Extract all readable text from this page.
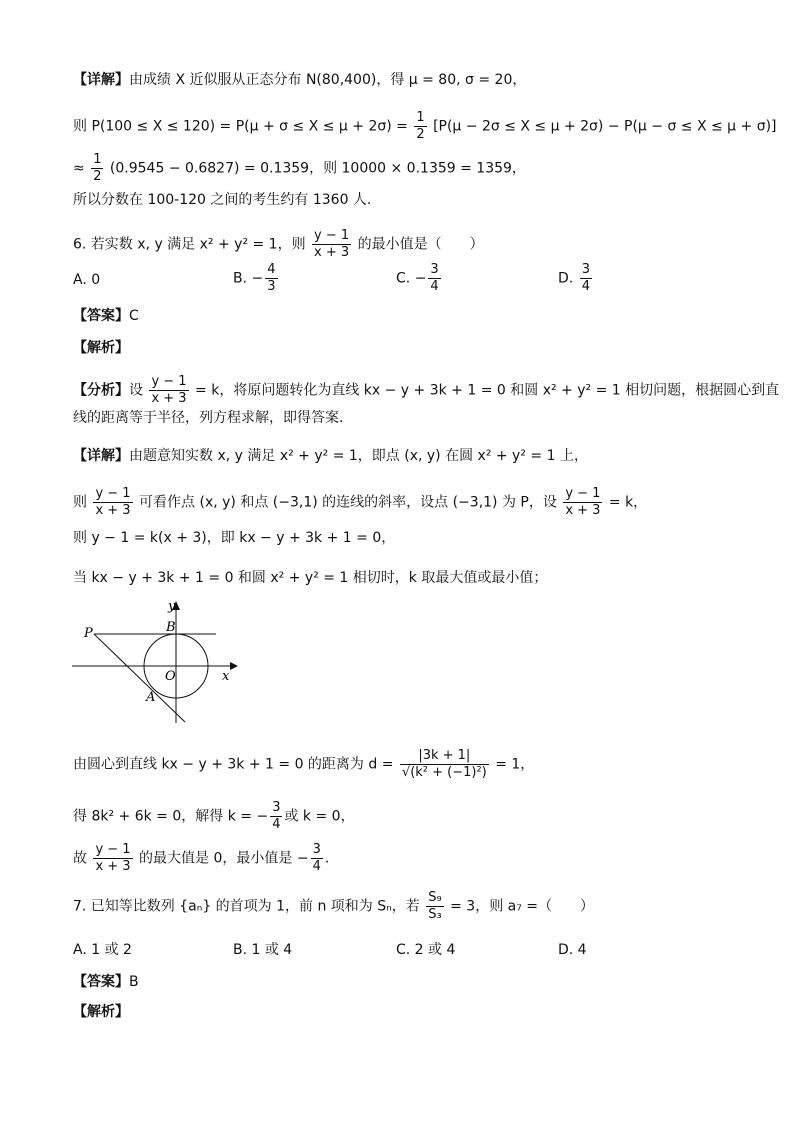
【详解】由成绩 X 近似服从正态分布 N(80,400)，得 μ = 80, σ = 20，
则 $P(100 \le X \le 120) = P(\mu + \sigma \le X \le \mu + 2\sigma) = \frac{1}{2} [P(\mu - 2\sigma \le X \le \mu + 2\sigma) - P(\mu - \sigma \le X \le \mu + \sigma)]$
≈ $\frac{1}{2} (0.9545 - 0.6827) = 0.1359$，则 10000 × 0.1359 = 1359，
所以分数在 100-120 之间的考生约有 1360 人.
6. 若实数 x, y 满足 x² + y² = 1，则 $\frac{y - 1}{x + 3}$ 的最小值是（　　）
A. 0	B. − $\frac{4}{3}$	C. − $\frac{3}{4}$	D. $\frac{3}{4}$
【答案】C
【解析】
【分析】设 $\frac{y - 1}{x + 3} = k$，将原问题转化为直线 kx − y + 3k + 1 = 0 和圆 x² + y² = 1 相切问题，根据圆心到直
线的距离等于半径，列方程求解，即得答案.
【详解】由题意知实数 x, y 满足 x² + y² = 1，即点 (x, y) 在圆 x² + y² = 1 上，
则 $\frac{y - 1}{x + 3}$ 可看作点 (x, y) 和点 (−3,1) 的连线的斜率，设点 (−3,1) 为 P，设 $\frac{y - 1}{x + 3} = k$，
则 y − 1 = k(x + 3)，即 kx − y + 3k + 1 = 0，
当 kx − y + 3k + 1 = 0 和圆 x² + y² = 1 相切时，k 取最大值或最小值；
P	B
O
A
y
x
由圆心到直线 kx − y + 3k + 1 = 0 的距离为 $d = \frac{|3k + 1|}{\text{√(k² + (−1)²)}} = 1$，
得 8k² + 6k = 0，解得 k = − $\frac{3}{4}$ 或 k = 0，
故 $\frac{y - 1}{x + 3}$ 的最大值是 0，最小值是 − $\frac{3}{4}$ .
7. 已知等比数列 {aₙ} 的首项为 1，前 n 项和为 Sₙ，若 $\frac{\text{S₉}}{\text{S₃}} = 3$，则 a₇ =（　　）
A. 1 或 2	B. 1 或 4	C. 2 或 4	D. 4
【答案】B
【解析】
